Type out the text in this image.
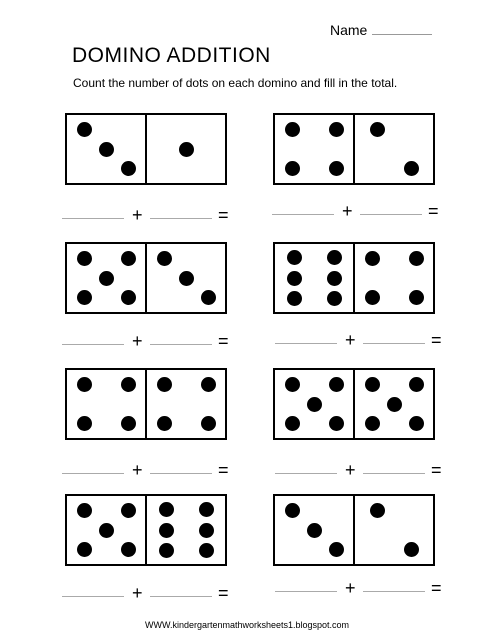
Name
DOMINO ADDITION
Count the number of dots on each domino and fill in the total.
+	=	+	=
+	=	+	=
+	=	+	=
+	=	+	=
WWW.kindergartenmathworksheets1.blogspot.com
